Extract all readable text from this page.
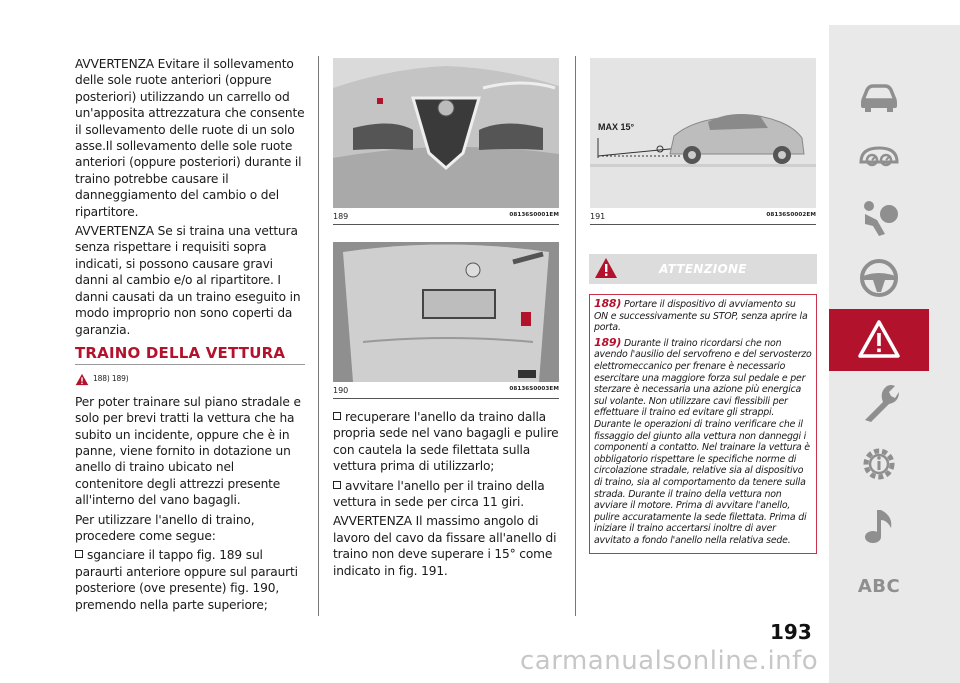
AVVERTENZA Evitare il sollevamento delle sole ruote anteriori (oppure posteriori) utilizzando un carrello od un'apposita attrezzatura che consente il sollevamento delle ruote di un solo asse.Il sollevamento delle sole ruote anteriori (oppure posteriori) durante il traino potrebbe causare il danneggiamento del cambio o del ripartitore.

AVVERTENZA Se si traina una vettura senza rispettare i requisiti sopra indicati, si possono causare gravi danni al cambio e/o al ripartitore. I danni causati da un traino eseguito in modo improprio non sono coperti da garanzia.

TRAINO DELLA VETTURA
188) 189)

Per poter trainare sul piano stradale e solo per brevi tratti la vettura che ha subito un incidente, oppure che è in panne, viene fornito in dotazione un anello di traino ubicato nel contenitore degli attrezzi presente all'interno del vano bagagli.

Per utilizzare l'anello di traino, procedere come segue:

sganciare il tappo fig. 189 sul paraurti anteriore oppure sul paraurti posteriore (ove presente) fig. 190, premendo nella parte superiore;

189	08136S0001EM
190	08136S0003EM

recuperare l'anello da traino dalla propria sede nel vano bagagli e pulire con cautela la sede filettata sulla vettura prima di utilizzarlo;

avvitare l'anello per il traino della vettura in sede per circa 11 giri.

AVVERTENZA Il massimo angolo di lavoro del cavo da fissare all'anello di traino non deve superare i 15° come indicato in fig. 191.

MAX 15°
191	08136S0002EM
ATTENZIONE

188) Portare il dispositivo di avviamento su ON e successivamente su STOP, senza aprire la porta.

189) Durante il traino ricordarsi che non avendo l'ausilio del servofreno e del servosterzo elettromeccanico per frenare è necessario esercitare una maggiore forza sul pedale e per sterzare è necessaria una azione più energica sul volante. Non utilizzare cavi flessibili per effettuare il traino ed evitare gli strappi. Durante le operazioni di traino verificare che il fissaggio del giunto alla vettura non danneggi i componenti a contatto. Nel trainare la vettura è obbligatorio rispettare le specifiche norme di circolazione stradale, relative sia al dispositivo di traino, sia al comportamento da tenere sulla strada. Durante il traino della vettura non avviare il motore. Prima di avvitare l'anello, pulire accuratamente la sede filettata. Prima di iniziare il traino accertarsi inoltre di aver avvitato a fondo l'anello nella relativa sede.

193
ABC
carmanualsonline.info
